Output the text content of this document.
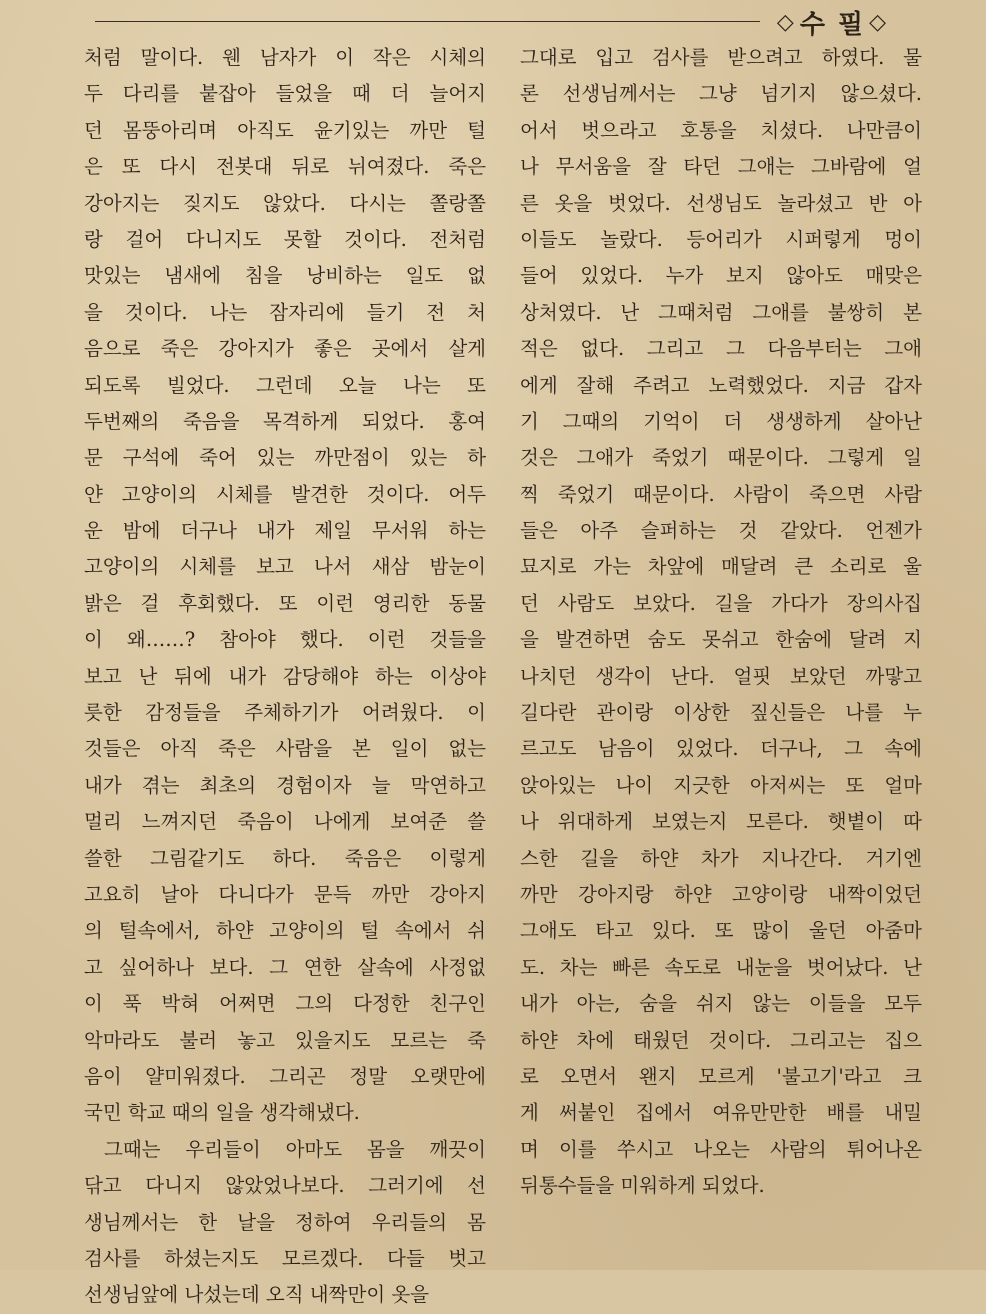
◇ 수 필 ◇
처럼 말이다. 웬 남자가 이 작은 시체의
두 다리를 붙잡아 들었을 때 더 늘어지
던 몸뚱아리며 아직도 윤기있는 까만 털
은 또 다시 전봇대 뒤로 뉘여졌다. 죽은
강아지는 짖지도 않았다. 다시는 쫄랑쫄
랑 걸어 다니지도 못할 것이다. 전처럼
맛있는 냄새에 침을 낭비하는 일도 없
을 것이다. 나는 잠자리에 들기 전 처
음으로 죽은 강아지가 좋은 곳에서 살게
되도록 빌었다. 그런데 오늘 나는 또
두번째의 죽음을 목격하게 되었다. 홍여
문 구석에 죽어 있는 까만점이 있는 하
얀 고양이의 시체를 발견한 것이다. 어두
운 밤에 더구나 내가 제일 무서워 하는
고양이의 시체를 보고 나서 새삼 밤눈이
밝은 걸 후회했다. 또 이런 영리한 동물
이 왜……? 참아야 했다. 이런 것들을
보고 난 뒤에 내가 감당해야 하는 이상야
릇한 감정들을 주체하기가 어려웠다. 이
것들은 아직 죽은 사람을 본 일이 없는
내가 겪는 최초의 경험이자 늘 막연하고
멀리 느껴지던 죽음이 나에게 보여준 쓸
쓸한 그림같기도 하다. 죽음은 이렇게
고요히 날아 다니다가 문득 까만 강아지
의 털속에서, 하얀 고양이의 털 속에서 쉬
고 싶어하나 보다. 그 연한 살속에 사정없
이 푹 박혀 어쩌면 그의 다정한 친구인
악마라도 불러 놓고 있을지도 모르는 죽
음이 얄미워졌다. 그리곤 정말 오랫만에
국민 학교 때의 일을 생각해냈다.
그때는 우리들이 아마도 몸을 깨끗이
닦고 다니지 않았었나보다. 그러기에 선
생님께서는 한 날을 정하여 우리들의 몸
검사를 하셨는지도 모르겠다. 다들 벗고
선생님앞에 나섰는데 오직 내짝만이 옷을
그대로 입고 검사를 받으려고 하였다. 물
론 선생님께서는 그냥 넘기지 않으셨다.
어서 벗으라고 호통을 치셨다. 나만큼이
나 무서움을 잘 타던 그애는 그바람에 얼
른 옷을 벗었다. 선생님도 놀라셨고 반 아
이들도 놀랐다. 등어리가 시퍼렇게 멍이
들어 있었다. 누가 보지 않아도 매맞은
상처였다. 난 그때처럼 그애를 불쌍히 본
적은 없다. 그리고 그 다음부터는 그애
에게 잘해 주려고 노력했었다. 지금 갑자
기 그때의 기억이 더 생생하게 살아난
것은 그애가 죽었기 때문이다. 그렇게 일
찍 죽었기 때문이다. 사람이 죽으면 사람
들은 아주 슬퍼하는 것 같았다. 언젠가
묘지로 가는 차앞에 매달려 큰 소리로 울
던 사람도 보았다. 길을 가다가 장의사집
을 발견하면 숨도 못쉬고 한숨에 달려 지
나치던 생각이 난다. 얼핏 보았던 까맣고
길다란 관이랑 이상한 짚신들은 나를 누
르고도 남음이 있었다. 더구나, 그 속에
앉아있는 나이 지긋한 아저씨는 또 얼마
나 위대하게 보였는지 모른다. 햇볕이 따
스한 길을 하얀 차가 지나간다. 거기엔
까만 강아지랑 하얀 고양이랑 내짝이었던
그애도 타고 있다. 또 많이 울던 아줌마
도. 차는 빠른 속도로 내눈을 벗어났다. 난
내가 아는, 숨을 쉬지 않는 이들을 모두
하얀 차에 태웠던 것이다. 그리고는 집으
로 오면서 왠지 모르게 '불고기'라고 크
게 써붙인 집에서 여유만만한 배를 내밀
며 이를 쑤시고 나오는 사람의 튀어나온
뒤통수들을 미워하게 되었다.
